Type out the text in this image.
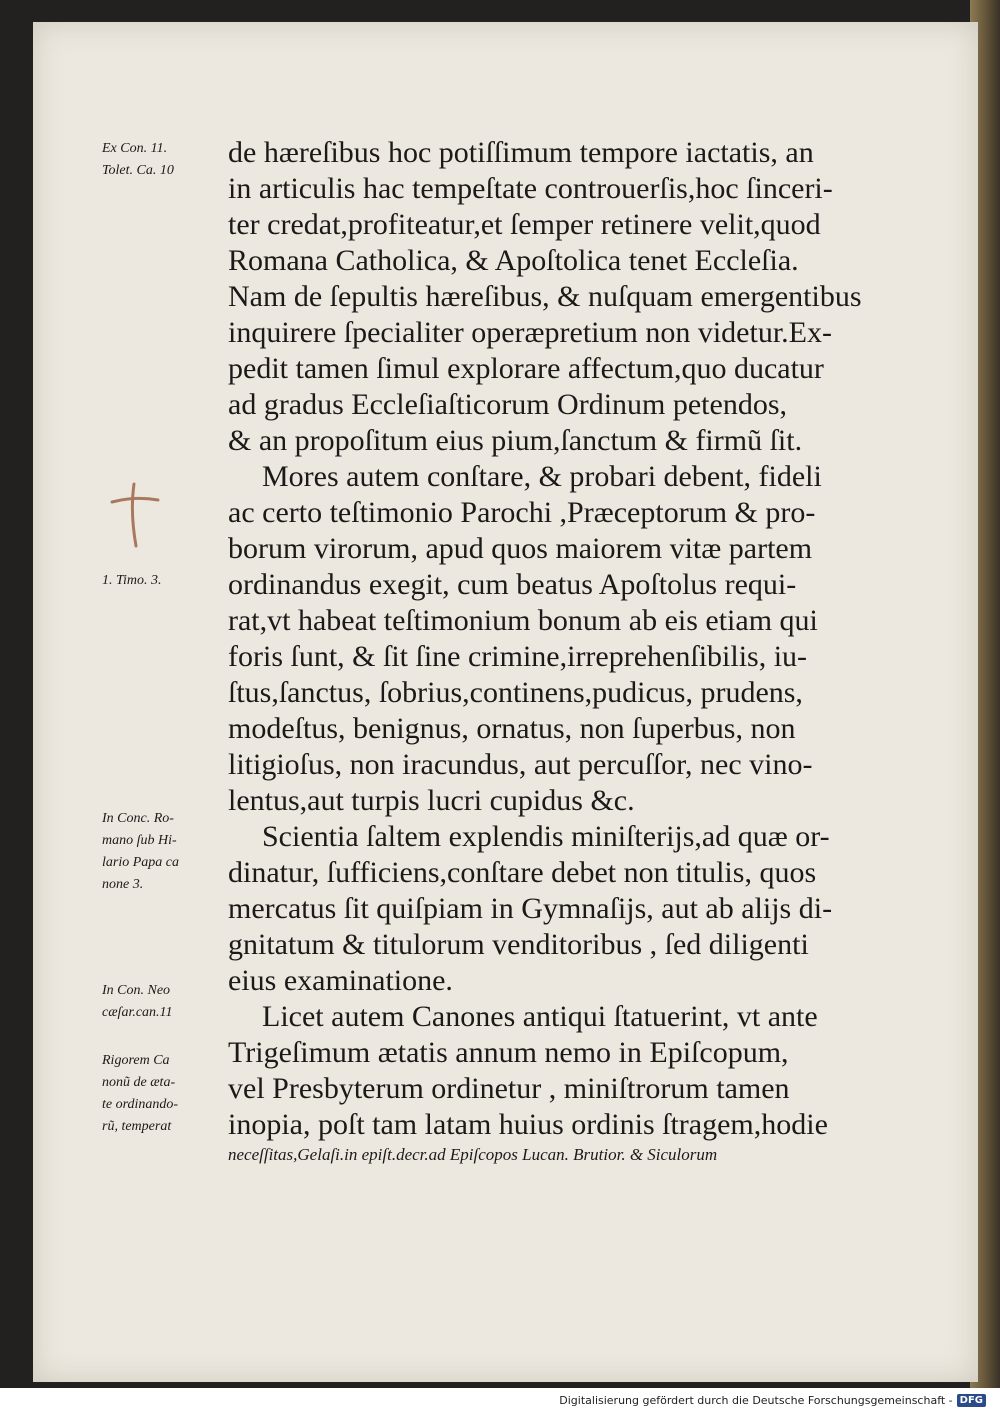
de hæreſibus hoc potiſſimum tempore iactatis, an
in articulis hac tempeſtate controuerſis,hoc ſinceri-
ter credat,profiteatur,et ſemper retinere velit,quod
Romana Catholica, & Apoſtolica tenet Eccleſia.
Nam de ſepultis hæreſibus, & nuſquam emergentibus
inquirere ſpecialiter operæpretium non videtur.Ex-
pedit tamen ſimul explorare affectum,quo ducatur
ad gradus Eccleſiaſticorum Ordinum petendos,
& an propoſitum eius pium,ſanctum & firmũ ſit.
Mores autem conſtare, & probari debent, fideli
ac certo teſtimonio Parochi ,Præceptorum & pro-
borum virorum, apud quos maiorem vitæ partem
ordinandus exegit, cum beatus Apoſtolus requi-
rat,vt habeat teſtimonium bonum ab eis etiam qui
foris ſunt, & ſit ſine crimine,irreprehenſibilis, iu-
ſtus,ſanctus, ſobrius,continens,pudicus, prudens,
modeſtus, benignus, ornatus, non ſuperbus, non
litigioſus, non iracundus, aut percuſſor, nec vino-
lentus,aut turpis lucri cupidus &c.
Scientia ſaltem explendis miniſterijs,ad quæ or-
dinatur, ſufficiens,conſtare debet non titulis, quos
mercatus ſit quiſpiam in Gymnaſijs, aut ab alijs di-
gnitatum & titulorum venditoribus , ſed diligenti
eius examinatione.
Licet autem Canones antiqui ſtatuerint, vt ante
Trigeſimum ætatis annum nemo in Epiſcopum,
vel Presbyterum ordinetur , miniſtrorum tamen
inopia, poſt tam latam huius ordinis ſtragem,hodie
neceſſitas,Gelaſi.in epiſt.decr.ad Epiſcopos Lucan. Brutior. & Siculorum
Ex Con. 11.
Tolet. Ca. 10
1. Timo. 3.
In Conc. Ro-
mano ſub Hi-
lario Papa ca
none 3.
In Con. Neo
cæſar.can.11
Rigorem Ca
nonũ de æta-
te ordinando-
rũ, temperat
Digitalisierung gefördert durch die Deutsche Forschungsgemeinschaft - DFG
